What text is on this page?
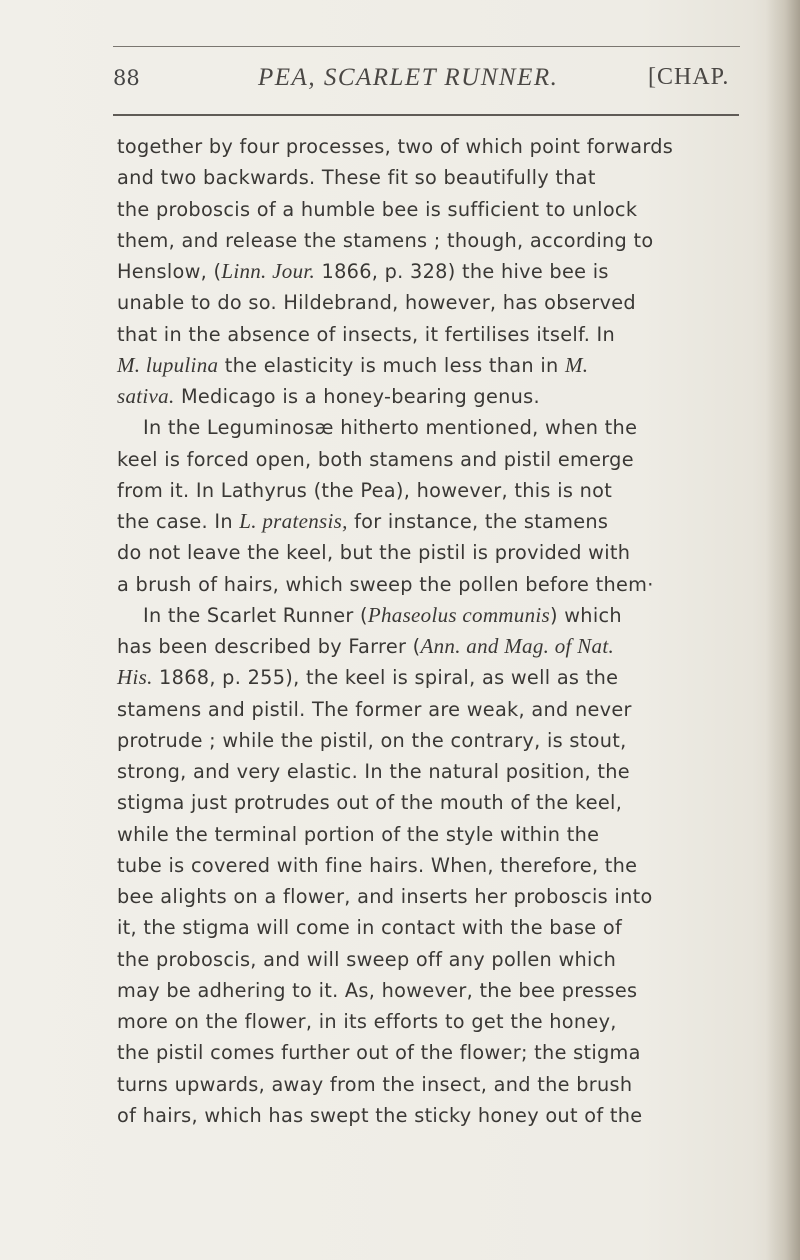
88	PEA, SCARLET RUNNER.	[CHAP.
together by four processes, two of which point forwards
and two backwards. These fit so beautifully that
the proboscis of a humble bee is sufficient to unlock
them, and release the stamens ; though, according to
Henslow, (Linn. Jour. 1866, p. 328) the hive bee is
unable to do so. Hildebrand, however, has observed
that in the absence of insects, it fertilises itself. In
M. lupulina the elasticity is much less than in M.
sativa. Medicago is a honey-bearing genus.
In the Leguminosæ hitherto mentioned, when the
keel is forced open, both stamens and pistil emerge
from it. In Lathyrus (the Pea), however, this is not
the case. In L. pratensis, for instance, the stamens
do not leave the keel, but the pistil is provided with
a brush of hairs, which sweep the pollen before them·
In the Scarlet Runner (Phaseolus communis) which
has been described by Farrer (Ann. and Mag. of Nat.
His. 1868, p. 255), the keel is spiral, as well as the
stamens and pistil. The former are weak, and never
protrude ; while the pistil, on the contrary, is stout,
strong, and very elastic. In the natural position, the
stigma just protrudes out of the mouth of the keel,
while the terminal portion of the style within the
tube is covered with fine hairs. When, therefore, the
bee alights on a flower, and inserts her proboscis into
it, the stigma will come in contact with the base of
the proboscis, and will sweep off any pollen which
may be adhering to it. As, however, the bee presses
more on the flower, in its efforts to get the honey,
the pistil comes further out of the flower; the stigma
turns upwards, away from the insect, and the brush
of hairs, which has swept the sticky honey out of the
